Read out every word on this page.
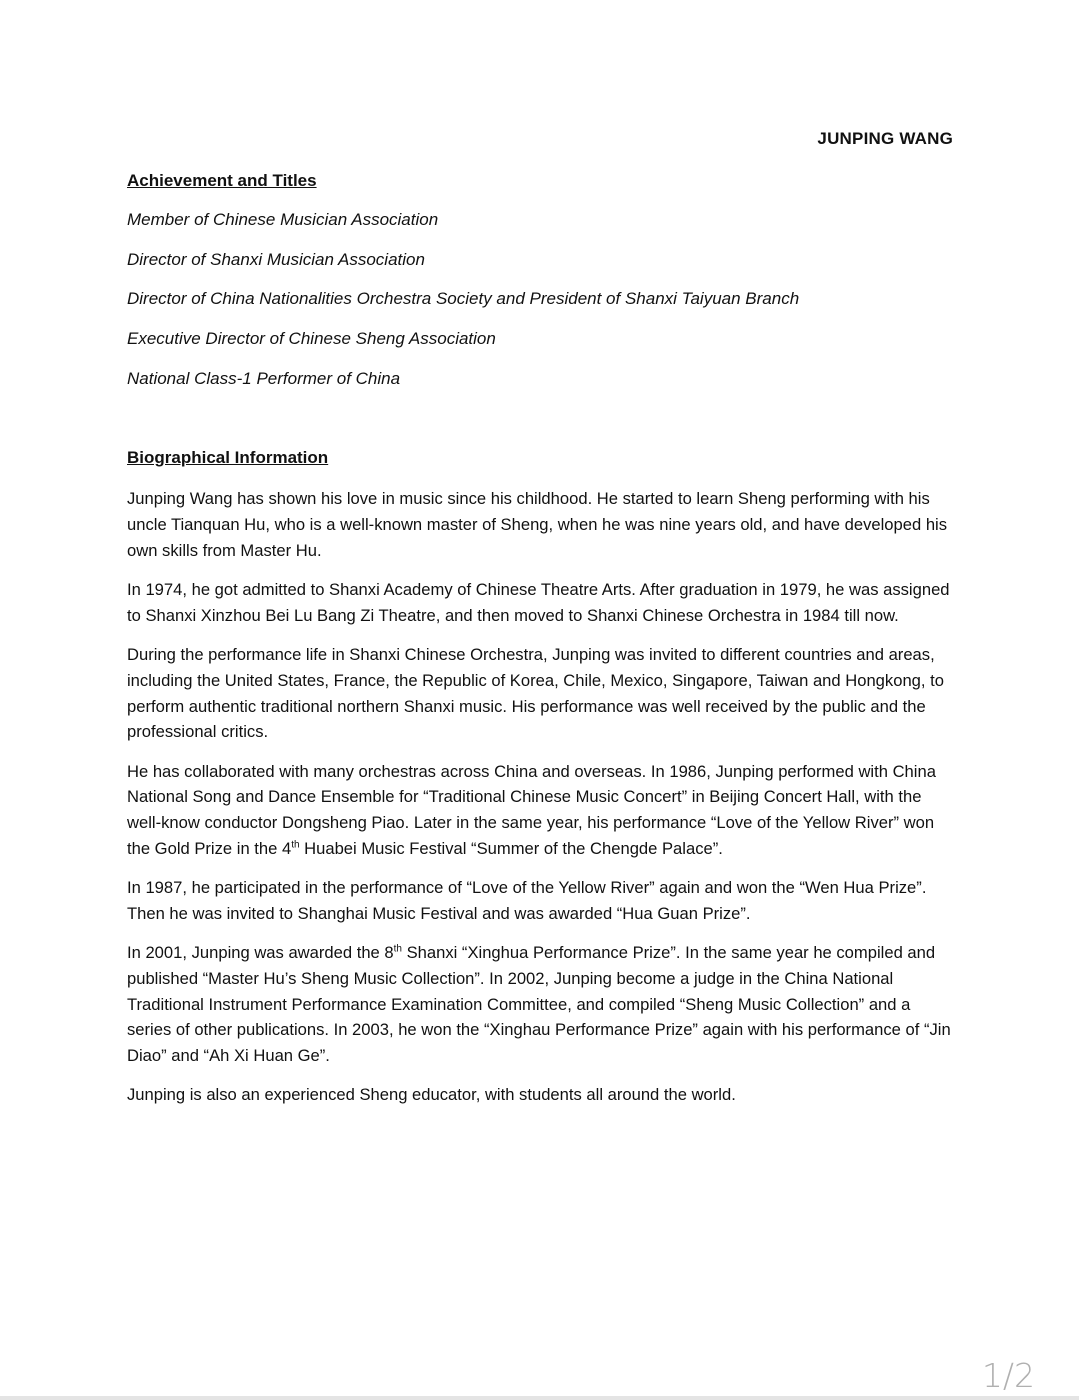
JUNPING WANG
Achievement and Titles
Member of Chinese Musician Association
Director of Shanxi Musician Association
Director of China Nationalities Orchestra Society and President of Shanxi Taiyuan Branch
Executive Director of Chinese Sheng Association
National Class-1 Performer of China
Biographical Information

Junping Wang has shown his love in music since his childhood. He started to learn Sheng performing with his uncle Tianquan Hu, who is a well-known master of Sheng, when he was nine years old, and have developed his own skills from Master Hu.

In 1974, he got admitted to Shanxi Academy of Chinese Theatre Arts. After graduation in 1979, he was assigned to Shanxi Xinzhou Bei Lu Bang Zi Theatre, and then moved to Shanxi Chinese Orchestra in 1984 till now.

During the performance life in Shanxi Chinese Orchestra, Junping was invited to different countries and areas, including the United States, France, the Republic of Korea, Chile, Mexico, Singapore, Taiwan and Hongkong, to perform authentic traditional northern Shanxi music. His performance was well received by the public and the professional critics.

He has collaborated with many orchestras across China and overseas. In 1986, Junping performed with China National Song and Dance Ensemble for “Traditional Chinese Music Concert” in Beijing Concert Hall, with the well-know conductor Dongsheng Piao. Later in the same year, his performance “Love of the Yellow River” won the Gold Prize in the 4th Huabei Music Festival “Summer of the Chengde Palace”.

In 1987, he participated in the performance of “Love of the Yellow River” again and won the “Wen Hua Prize”. Then he was invited to Shanghai Music Festival and was awarded “Hua Guan Prize”.

In 2001, Junping was awarded the 8th Shanxi “Xinghua Performance Prize”. In the same year he compiled and published “Master Hu’s Sheng Music Collection”. In 2002, Junping become a judge in the China National Traditional Instrument Performance Examination Committee, and compiled “Sheng Music Collection” and a series of other publications. In 2003, he won the “Xinghau Performance Prize” again with his performance of “Jin Diao” and “Ah Xi Huan Ge”.

Junping is also an experienced Sheng educator, with students all around the world.

1/2
